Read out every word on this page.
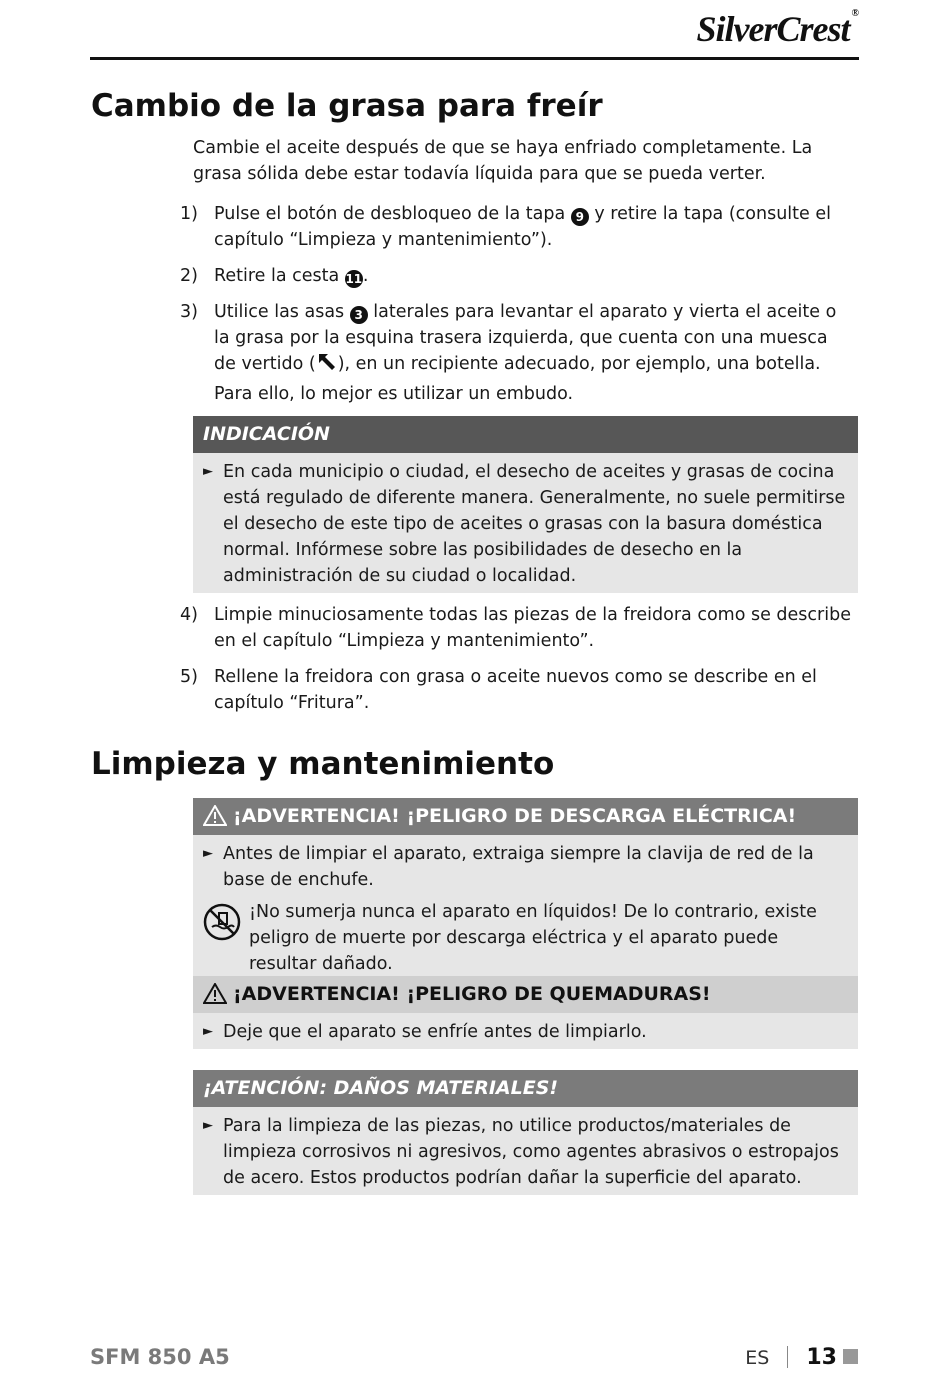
SilverCrest ®
Cambio de la grasa para freír

Cambie el aceite después de que se haya enfriado completamente. La grasa sólida debe estar todavía líquida para que se pueda verter.

1) Pulse el botón de desbloqueo de la tapa 9 y retire la tapa (consulte el capítulo “Limpieza y mantenimiento”).
2) Retire la cesta 11.
3) Utilice las asas 3 laterales para levantar el aparato y vierta el aceite o la grasa por la esquina trasera izquierda, que cuenta con una muesca de vertido ( ), en un recipiente adecuado, por ejemplo, una botella. Para ello, lo mejor es utilizar un embudo.
INDICACIÓN
► En cada municipio o ciudad, el desecho de aceites y grasas de cocina está regulado de diferente manera. Generalmente, no suele permitirse el desecho de este tipo de aceites o grasas con la basura doméstica normal. Infórmese sobre las posibilidades de desecho en la administración de su ciudad o localidad.
4) Limpie minuciosamente todas las piezas de la freidora como se describe en el capítulo “Limpieza y mantenimiento”.
5) Rellene la freidora con grasa o aceite nuevos como se describe en el capítulo “Fritura”.
Limpieza y mantenimiento
¡ADVERTENCIA! ¡PELIGRO DE DESCARGA ELÉCTRICA!
► Antes de limpiar el aparato, extraiga siempre la clavija de red de la base de enchufe.
¡No sumerja nunca el aparato en líquidos! De lo contrario, existe peligro de muerte por descarga eléctrica y el aparato puede resultar dañado.
¡ADVERTENCIA! ¡PELIGRO DE QUEMADURAS!
► Deje que el aparato se enfríe antes de limpiarlo.
¡ATENCIÓN: DAÑOS MATERIALES!
► Para la limpieza de las piezas, no utilice productos/materiales de limpieza corrosivos ni agresivos, como agentes abrasivos o estropajos de acero. Estos productos podrían dañar la superficie del aparato.
SFM 850 A5	ES 13
